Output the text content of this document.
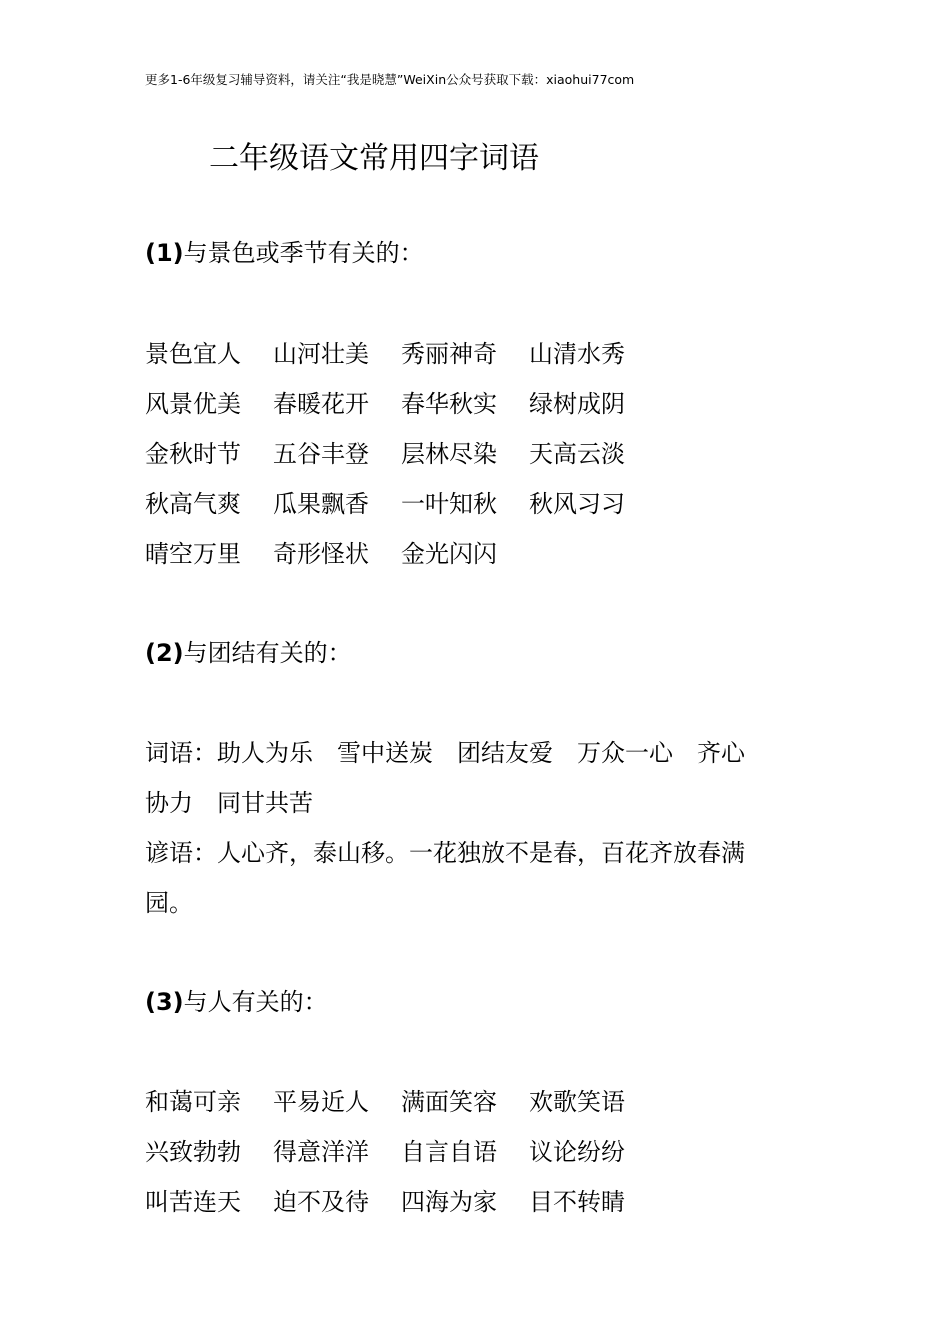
更多1-6年级复习辅导资料，请关注“我是晓慧”WeiXin公众号获取下载：xiaohui77com
二年级语文常用四字词语
(1)与景色或季节有关的：
景色宜人	山河壮美	秀丽神奇	山清水秀
风景优美	春暖花开	春华秋实	绿树成阴
金秋时节	五谷丰登	层林尽染	天高云淡
秋高气爽	瓜果飘香	一叶知秋	秋风习习
晴空万里	奇形怪状	金光闪闪
(2)与团结有关的：
词语：助人为乐　雪中送炭　团结友爱　万众一心　齐心
协力　同甘共苦
谚语：人心齐，泰山移。一花独放不是春，百花齐放春满
园。
(3)与人有关的：
和蔼可亲	平易近人	满面笑容	欢歌笑语
兴致勃勃	得意洋洋	自言自语	议论纷纷
叫苦连天	迫不及待	四海为家	目不转睛
